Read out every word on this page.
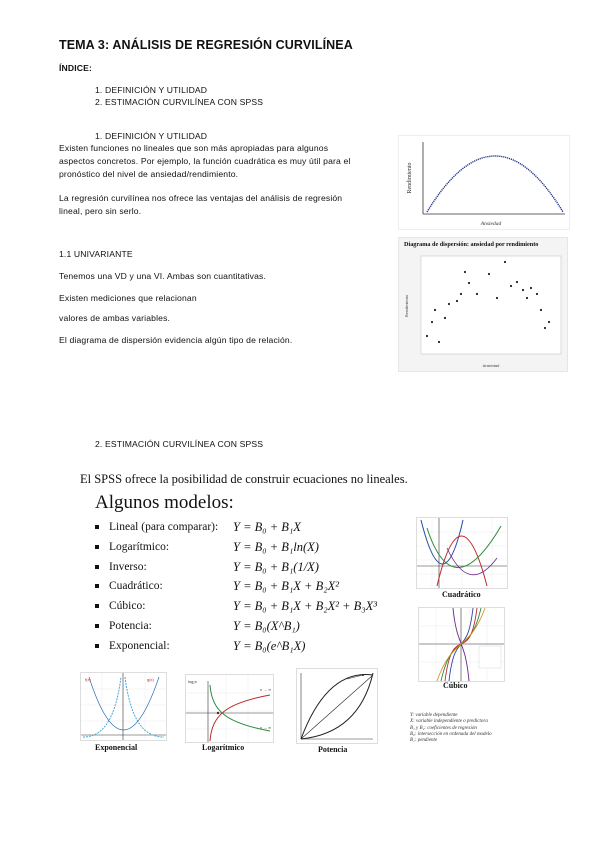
TEMA 3: ANÁLISIS DE REGRESIÓN CURVILÍNEA
ÍNDICE:
1. DEFINICIÓN Y UTILIDAD
2. ESTIMACIÓN CURVILÍNEA CON SPSS
1. DEFINICIÓN Y UTILIDAD
Existen funciones no lineales que son más apropiadas para algunos
aspectos concretos. Por ejemplo, la función cuadrática es muy útil para el
pronóstico del nivel de ansiedad/rendimiento.
La regresión curvilínea nos ofrece las ventajas del análisis de regresión
lineal, pero sin serlo.
Rendimiento
Ansiedad
1.1 UNIVARIANTE
Tenemos una VD y una VI. Ambas son cuantitativas.
Existen mediciones que relacionan
valores de ambas variables.
El diagrama de dispersión evidencia algún tipo de relación.
Diagrama de dispersión: ansiedad por rendimiento
Rendimiento
Ansiedad
2. ESTIMACIÓN CURVILÍNEA CON SPSS
El SPSS ofrece la posibilidad de construir ecuaciones no lineales.
Algunos modelos:
Lineal (para comparar):
Logarítmico:
Inverso:
Cuadrático:
Cúbico:
Potencia:
Exponencial:
Y = B₀ + B₁X
Y = B₀ + B₁ln(X)
Y = B₀ + B₁(1/X)
Y = B₀ + B₁X + B₂X²
Y = B₀ + B₁X + B₂X² + B₃X³
Y = B₀(X^B₁)
Y = B₀(e^B₁X)
Cuadrático
Cúbico
f(x)	g(x)
Exponencial
log₂x
x → ∞
x → ∞
Logarítmico	Potencia
Y: variable dependiente
X: variable independiente o predictora
B₁ y B₂: coeficientes de regresión
B₀: intersección en ordenada del modelo
B₁: pendiente
